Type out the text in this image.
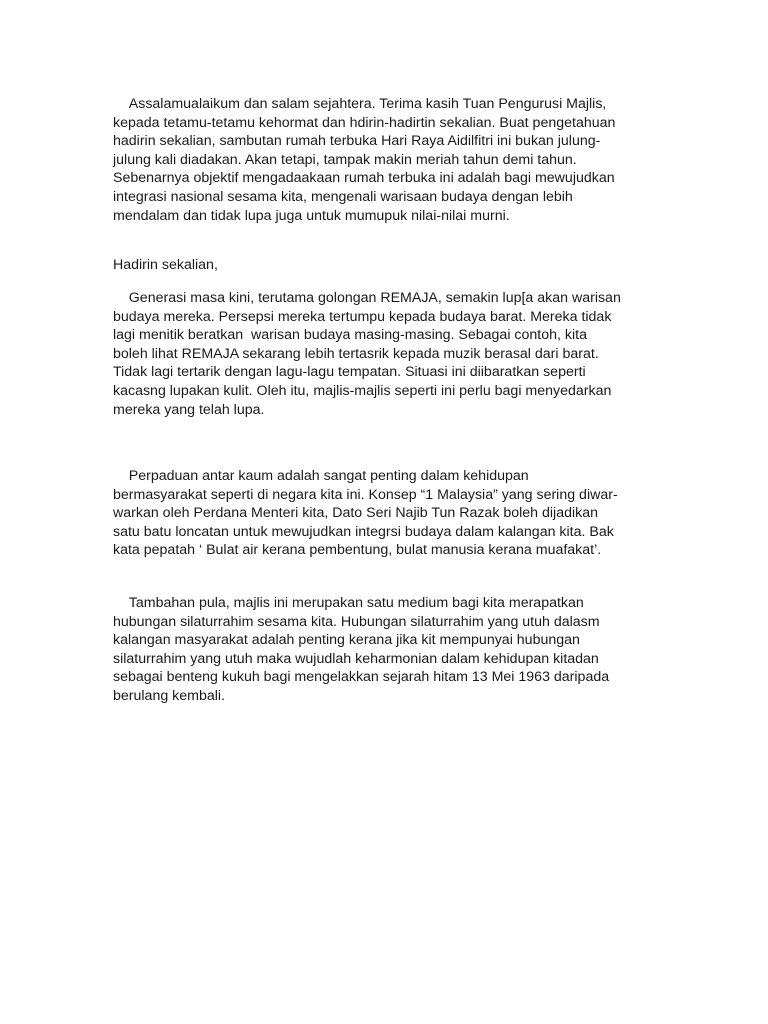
Assalamualaikum dan salam sejahtera. Terima kasih Tuan Pengurusi Majlis,
kepada tetamu-tetamu kehormat dan hdirin-hadirtin sekalian. Buat pengetahuan
hadirin sekalian, sambutan rumah terbuka Hari Raya Aidilfitri ini bukan julung-
julung kali diadakan. Akan tetapi, tampak makin meriah tahun demi tahun.
Sebenarnya objektif mengadaakaan rumah terbuka ini adalah bagi mewujudkan
integrasi nasional sesama kita, mengenali warisaan budaya dengan lebih
mendalam dan tidak lupa juga untuk mumupuk nilai-nilai murni.
Hadirin sekalian,
Generasi masa kini, terutama golongan REMAJA, semakin lup[a akan warisan
budaya mereka. Persepsi mereka tertumpu kepada budaya barat. Mereka tidak
lagi menitik beratkan  warisan budaya masing-masing. Sebagai contoh, kita
boleh lihat REMAJA sekarang lebih tertasrik kepada muzik berasal dari barat.
Tidak lagi tertarik dengan lagu-lagu tempatan. Situasi ini diibaratkan seperti
kacasng lupakan kulit. Oleh itu, majlis-majlis seperti ini perlu bagi menyedarkan
mereka yang telah lupa.
Perpaduan antar kaum adalah sangat penting dalam kehidupan
bermasyarakat seperti di negara kita ini. Konsep “1 Malaysia” yang sering diwar-
warkan oleh Perdana Menteri kita, Dato Seri Najib Tun Razak boleh dijadikan
satu batu loncatan untuk mewujudkan integrsi budaya dalam kalangan kita. Bak
kata pepatah ‘ Bulat air kerana pembentung, bulat manusia kerana muafakat’.
Tambahan pula, majlis ini merupakan satu medium bagi kita merapatkan
hubungan silaturrahim sesama kita. Hubungan silaturrahim yang utuh dalasm
kalangan masyarakat adalah penting kerana jika kit mempunyai hubungan
silaturrahim yang utuh maka wujudlah keharmonian dalam kehidupan kitadan
sebagai benteng kukuh bagi mengelakkan sejarah hitam 13 Mei 1963 daripada
berulang kembali.
